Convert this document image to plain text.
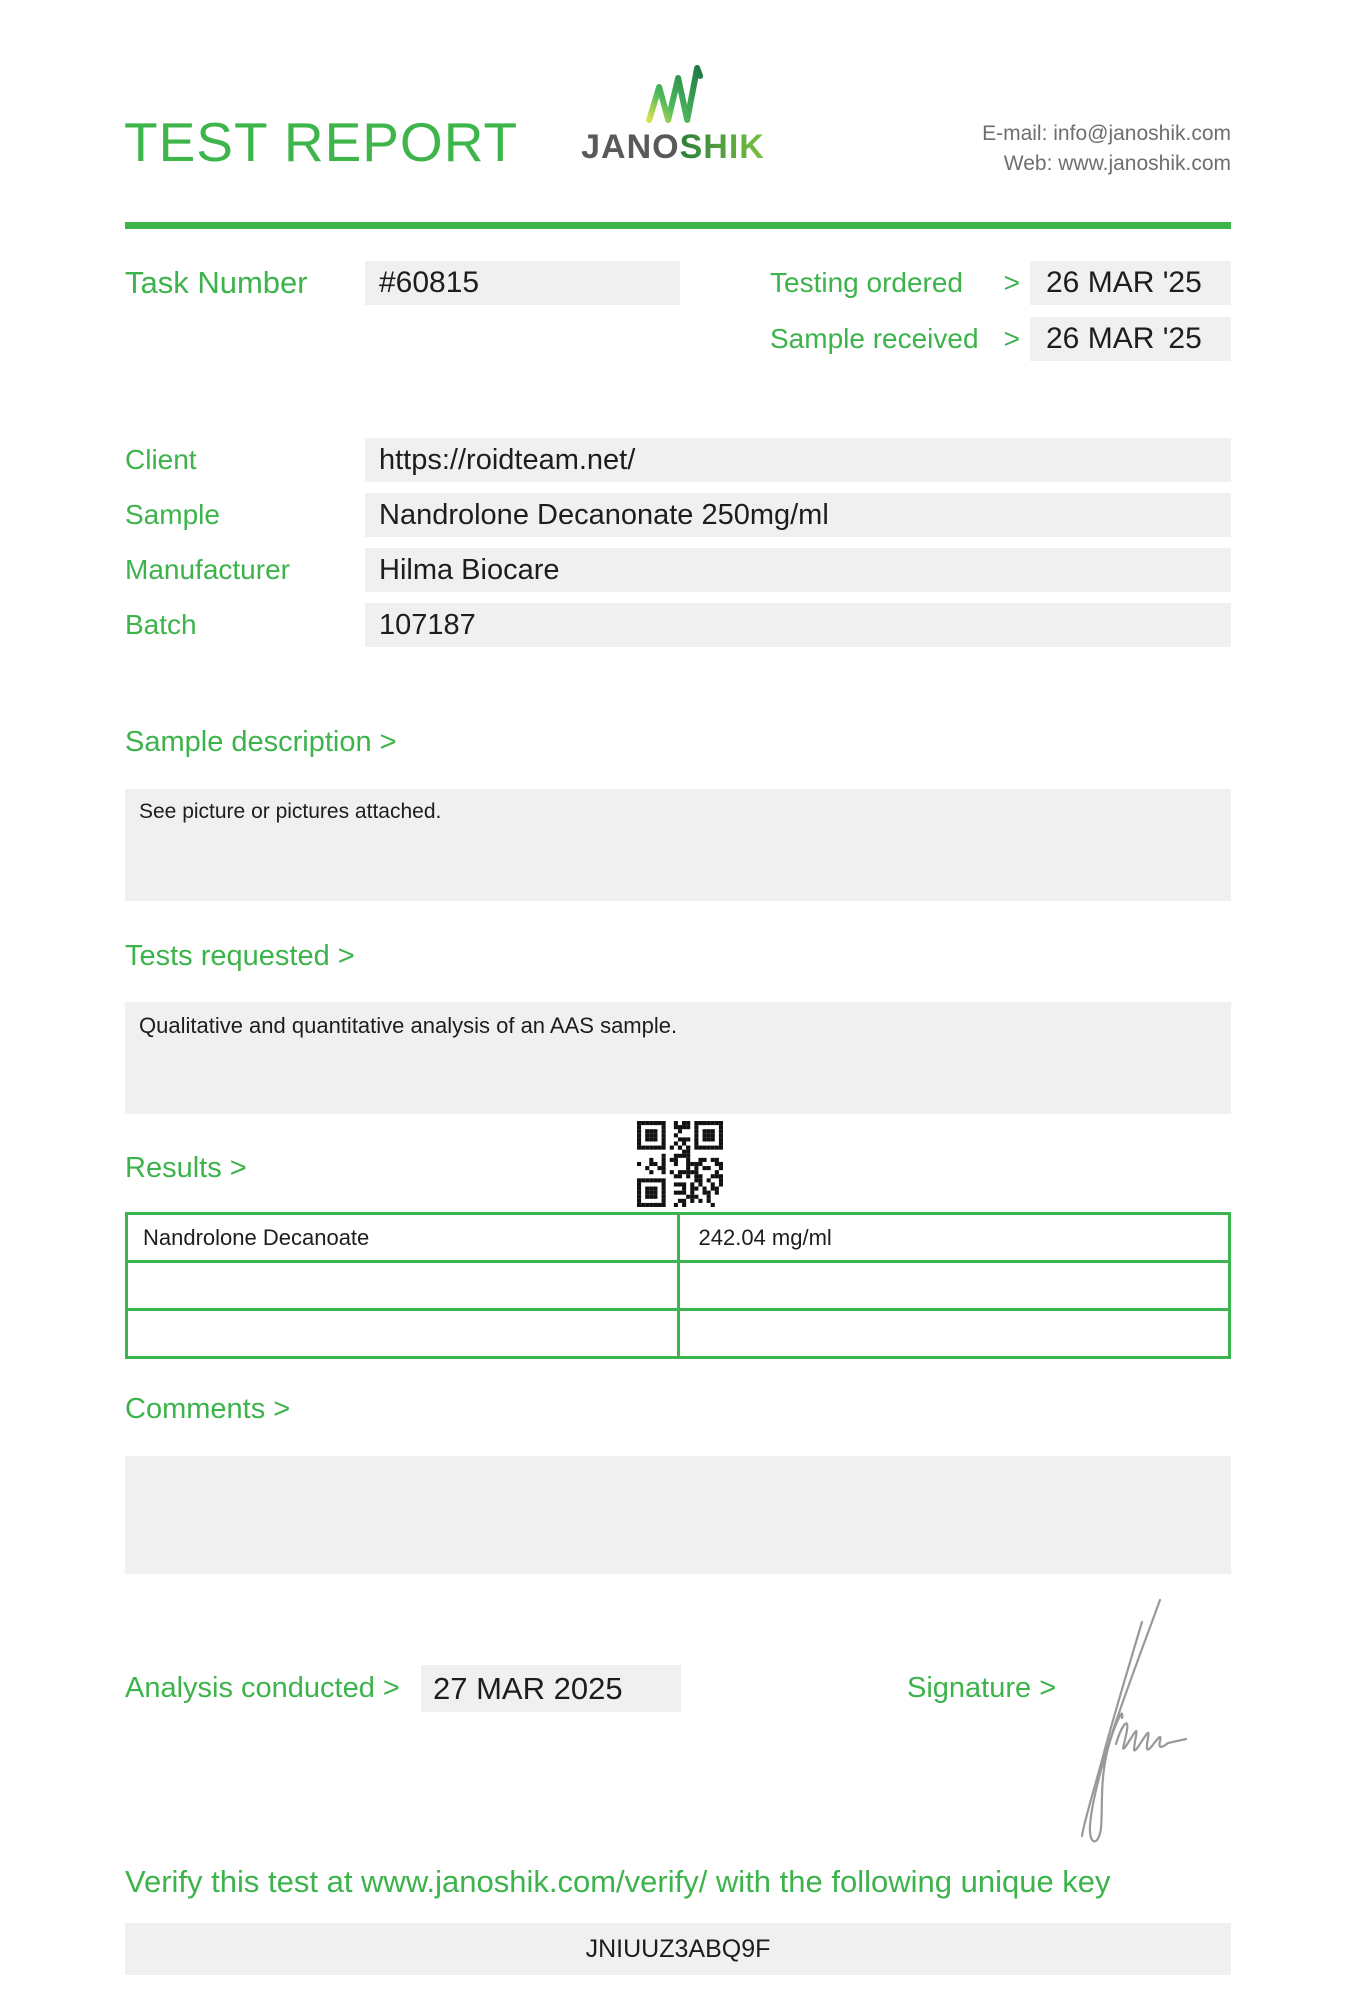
TEST REPORT JANOSHIK	E-mail: info@janoshik.com
Web: www.janoshik.com
Task Number	#60815	Testing ordered > 26 MAR '25
Sample received > 26 MAR '25
Client	https://roidteam.net/
Sample	Nandrolone Decanonate 250mg/ml
Manufacturer	Hilma Biocare
Batch	107187
Sample description >
See picture or pictures attached.
Tests requested >
Qualitative and quantitative analysis of an AAS sample.
Results >
Nandrolone Decanoate	242.04 mg/ml

Comments >
Analysis conducted >	27 MAR 2025	Signature >
Verify this test at www.janoshik.com/verify/ with the following unique key
JNIUUZ3ABQ9F
